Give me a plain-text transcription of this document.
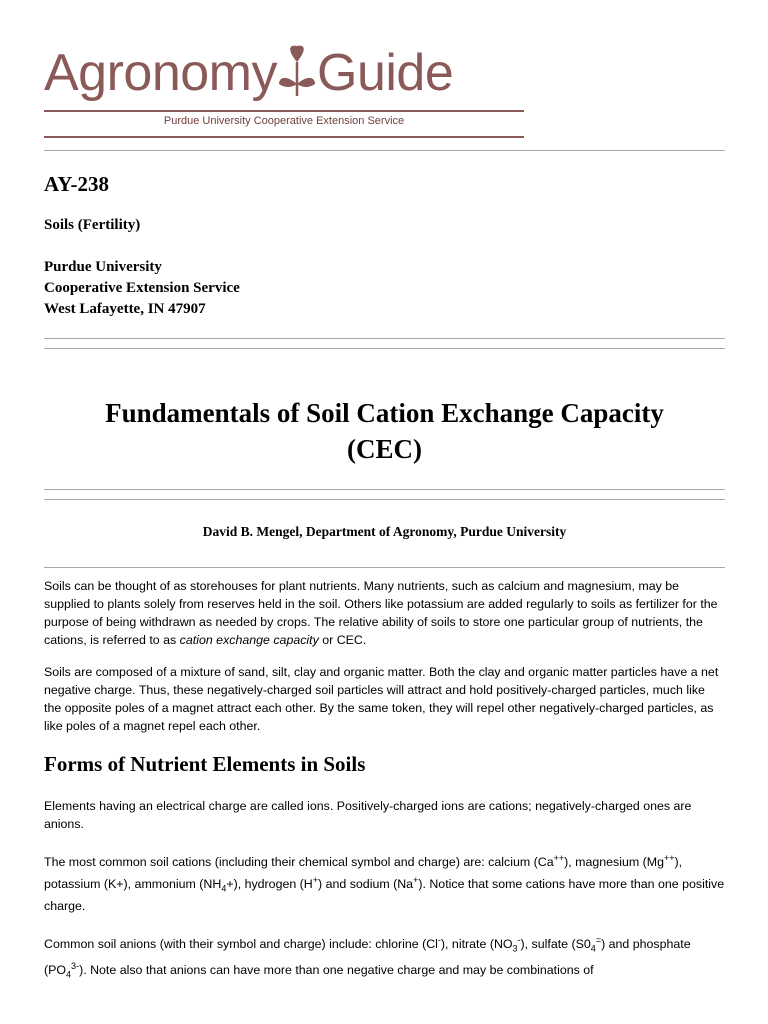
Agronomy Guide
Purdue University Cooperative Extension Service
AY-238
Soils (Fertility)
Purdue University
Cooperative Extension Service
West Lafayette, IN 47907
Fundamentals of Soil Cation Exchange Capacity
(CEC)
David B. Mengel, Department of Agronomy, Purdue University

Soils can be thought of as storehouses for plant nutrients. Many nutrients, such as calcium and magnesium, may be supplied to plants solely from reserves held in the soil. Others like potassium are added regularly to soils as fertilizer for the purpose of being withdrawn as needed by crops. The relative ability of soils to store one particular group of nutrients, the cations, is referred to as cation exchange capacity or CEC.

Soils are composed of a mixture of sand, silt, clay and organic matter. Both the clay and organic matter particles have a net negative charge. Thus, these negatively-charged soil particles will attract and hold positively-charged particles, much like the opposite poles of a magnet attract each other. By the same token, they will repel other negatively-charged particles, as like poles of a magnet repel each other.

Forms of Nutrient Elements in Soils

Elements having an electrical charge are called ions. Positively-charged ions are cations; negatively-charged ones are anions.

The most common soil cations (including their chemical symbol and charge) are: calcium (Ca++), magnesium (Mg++), potassium (K+), ammonium $(NH_4+)$, hydrogen (H+) and sodium (Na+). Notice that some cations have more than one positive charge.

Common soil anions (with their symbol and charge) include: chlorine (Cl-), nitrate $(NO_3^-)$, sulfate $(S0_4^=)$ and phosphate $(PO_4^{3-})$. Note also that anions can have more than one negative charge and may be combinations of
